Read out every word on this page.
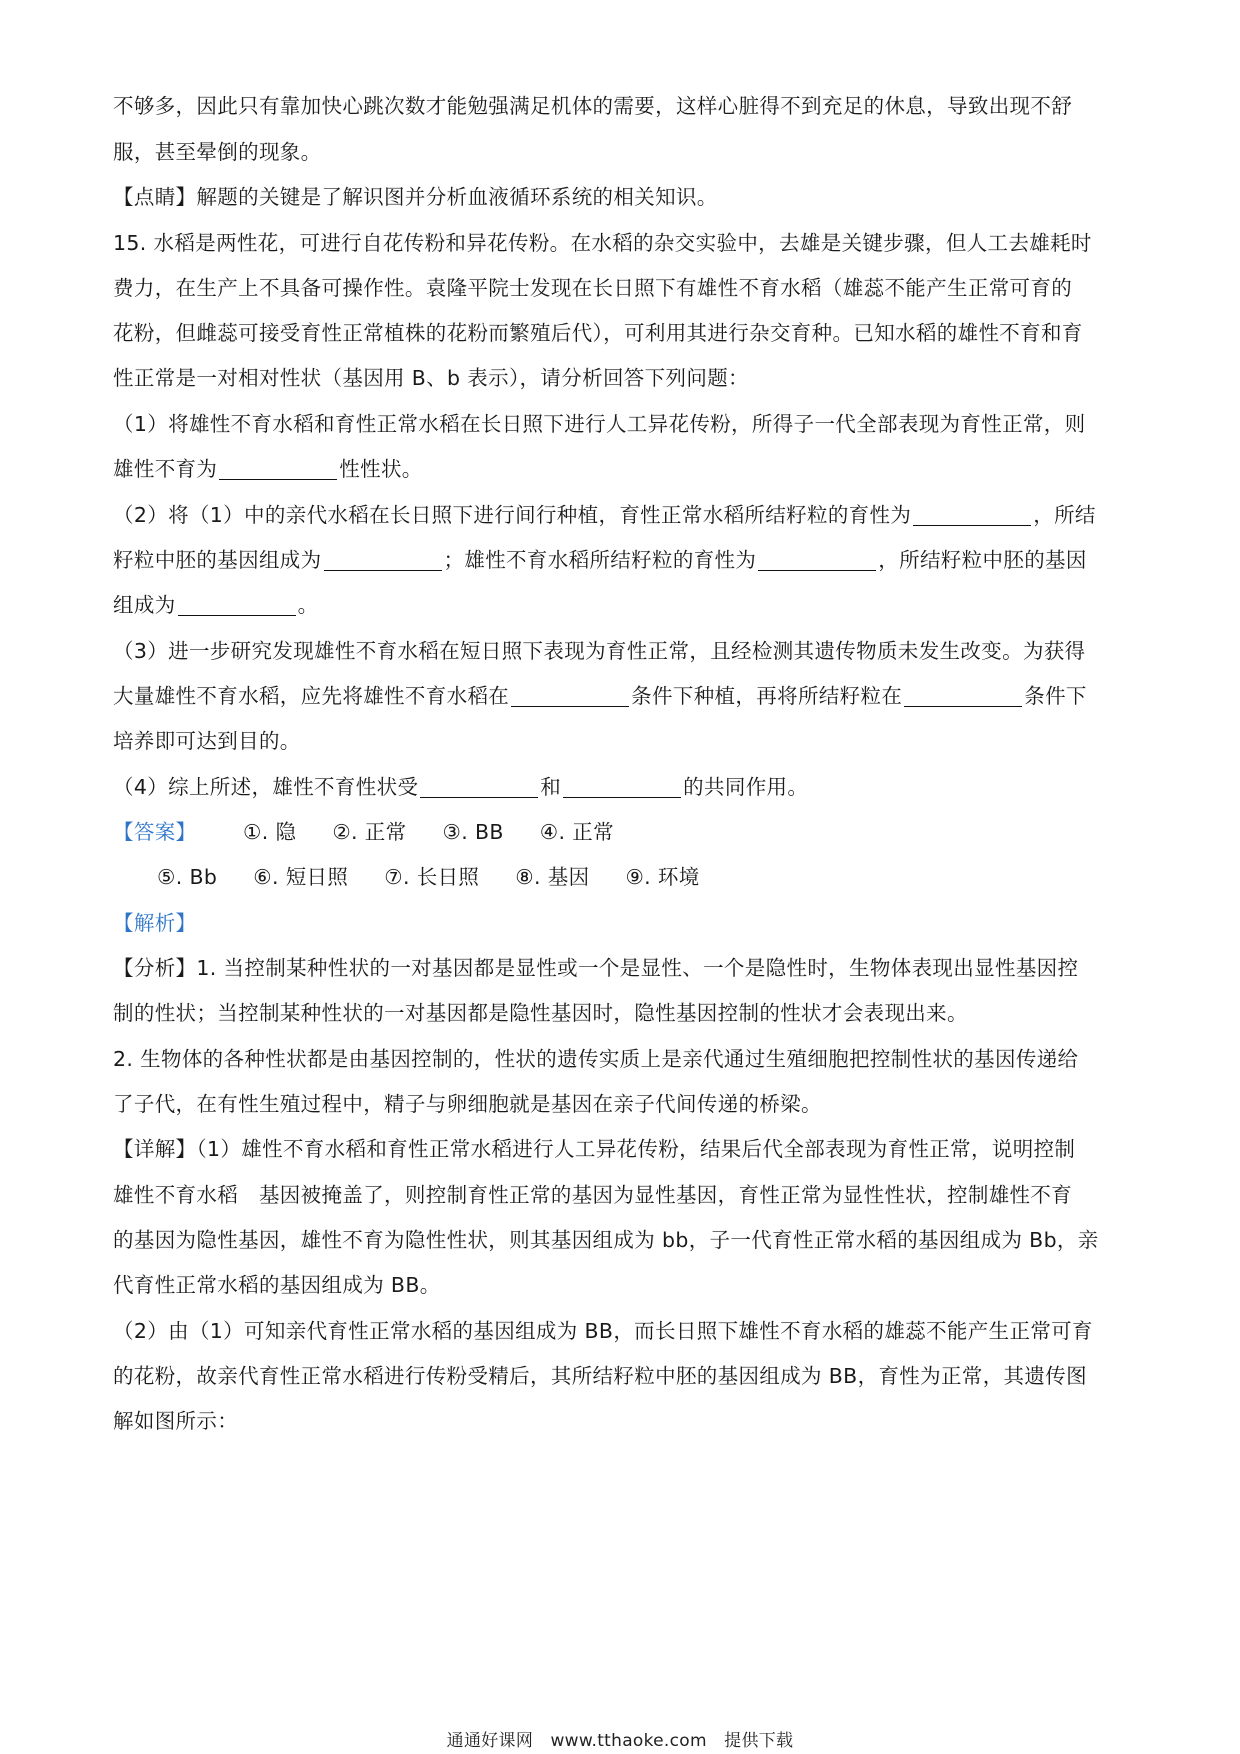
不够多，因此只有靠加快心跳次数才能勉强满足机体的需要，这样心脏得不到充足的休息，导致出现不舒
服，甚至晕倒的现象。
【点睛】解题的关键是了解识图并分析血液循环系统的相关知识。
15. 水稻是两性花，可进行自花传粉和异花传粉。在水稻的杂交实验中，去雄是关键步骤，但人工去雄耗时
费力，在生产上不具备可操作性。袁隆平院士发现在长日照下有雄性不育水稻（雄蕊不能产生正常可育的
花粉，但雌蕊可接受育性正常植株的花粉而繁殖后代），可利用其进行杂交育种。已知水稻的雄性不育和育
性正常是一对相对性状（基因用 B、b 表示），请分析回答下列问题：
（1）将雄性不育水稻和育性正常水稻在长日照下进行人工异花传粉，所得子一代全部表现为育性正常，则
雄性不育为	性性状。
（2）将（1）中的亲代水稻在长日照下进行间行种植，育性正常水稻所结籽粒的育性为	，所结
籽粒中胚的基因组成为	；雄性不育水稻所结籽粒的育性为	，所结籽粒中胚的基因
组成为	。
（3）进一步研究发现雄性不育水稻在短日照下表现为育性正常，且经检测其遗传物质未发生改变。为获得
大量雄性不育水稻，应先将雄性不育水稻在	条件下种植，再将所结籽粒在	条件下
培养即可达到目的。
（4）综上所述，雄性不育性状受	和	的共同作用。
【答案】 ①. 隐 ②. 正常 ③. BB ④. 正常
⑤. Bb ⑥. 短日照 ⑦. 长日照 ⑧. 基因 ⑨. 环境
【解析】
【分析】1. 当控制某种性状的一对基因都是显性或一个是显性、一个是隐性时，生物体表现出显性基因控
制的性状；当控制某种性状的一对基因都是隐性基因时，隐性基因控制的性状才会表现出来。
2. 生物体的各种性状都是由基因控制的，性状的遗传实质上是亲代通过生殖细胞把控制性状的基因传递给
了子代，在有性生殖过程中，精子与卵细胞就是基因在亲子代间传递的桥梁。
【详解】（1）雄性不育水稻和育性正常水稻进行人工异花传粉，结果后代全部表现为育性正常，说明控制
雄性不育水稻　基因被掩盖了，则控制育性正常的基因为显性基因，育性正常为显性性状，控制雄性不育
的基因为隐性基因，雄性不育为隐性性状，则其基因组成为 bb，子一代育性正常水稻的基因组成为 Bb，亲
代育性正常水稻的基因组成为 BB。
（2）由（1）可知亲代育性正常水稻的基因组成为 BB，而长日照下雄性不育水稻的雄蕊不能产生正常可育
的花粉，故亲代育性正常水稻进行传粉受精后，其所结籽粒中胚的基因组成为 BB，育性为正常，其遗传图
解如图所示：
通通好课网　www.tthaoke.com　提供下载
